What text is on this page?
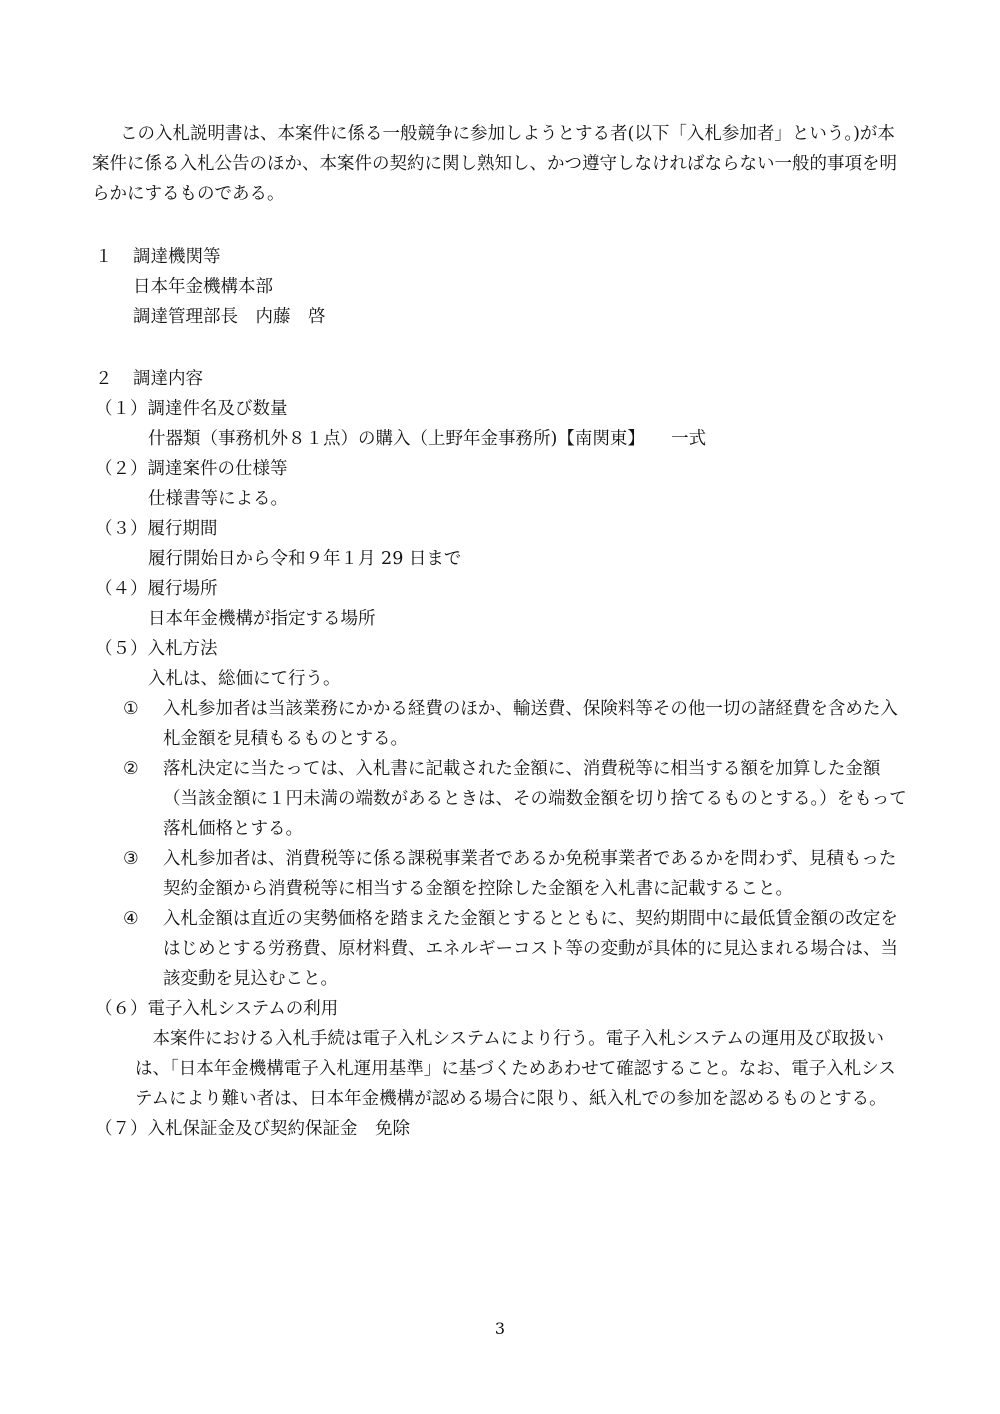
この入札説明書は、本案件に係る一般競争に参加しようとする者(以下「入札参加者」という。)が本案件に係る入札公告のほか、本案件の契約に関し熟知し、かつ遵守しなければならない一般的事項を明らかにするものである。

１	調達機関等

日本年金機構本部

調達管理部長　内藤　啓

２	調達内容

（１）調達件名及び数量

什器類（事務机外８１点）の購入（上野年金事務所)【南関東】　　一式

（２）調達案件の仕様等

仕様書等による。

（３）履行期間

履行開始日から令和９年１月 29 日まで

（４）履行場所

日本年金機構が指定する場所

（５）入札方法

入札は、総価にて行う。

①	入札参加者は当該業務にかかる経費のほか、輸送費、保険料等その他一切の諸経費を含めた入札金額を見積もるものとする。
②	落札決定に当たっては、入札書に記載された金額に、消費税等に相当する額を加算した金額（当該金額に１円未満の端数があるときは、その端数金額を切り捨てるものとする。）をもって落札価格とする。
③	入札参加者は、消費税等に係る課税事業者であるか免税事業者であるかを問わず、見積もった契約金額から消費税等に相当する金額を控除した金額を入札書に記載すること。
④	入札金額は直近の実勢価格を踏まえた金額とするとともに、契約期間中に最低賃金額の改定をはじめとする労務費、原材料費、エネルギーコスト等の変動が具体的に見込まれる場合は、当該変動を見込むこと。

（６）電子入札システムの利用

本案件における入札手続は電子入札システムにより行う。電子入札システムの運用及び取扱いは、「日本年金機構電子入札運用基準」に基づくためあわせて確認すること。なお、電子入札システムにより難い者は、日本年金機構が認める場合に限り、紙入札での参加を認めるものとする。

（７）入札保証金及び契約保証金　免除

3
